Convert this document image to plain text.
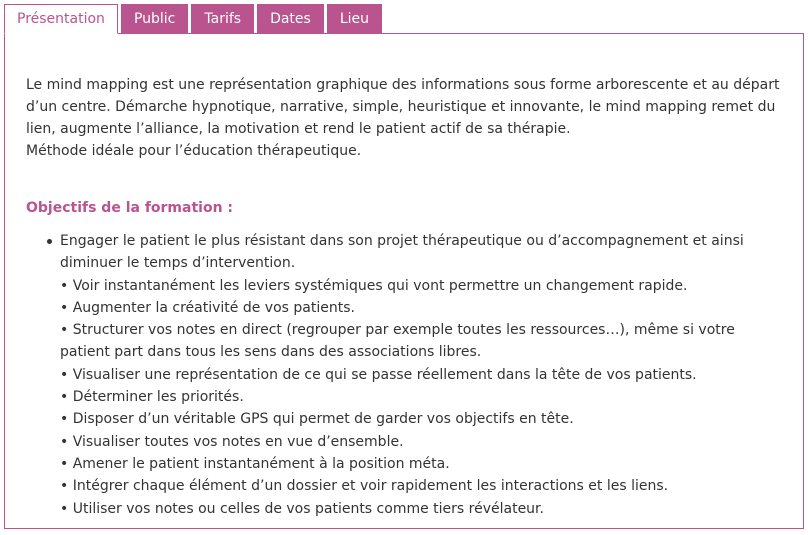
Présentation	Public	Tarifs	Dates	Lieu

Le mind mapping est une représentation graphique des informations sous forme arborescente et au départ d’un centre. Démarche hypnotique, narrative, simple, heuristique et innovante, le mind mapping remet du lien, augmente l’alliance, la motivation et rend le patient actif de sa thérapie.

Méthode idéale pour l’éducation thérapeutique.

Objectifs de la formation :
Engager le patient le plus résistant dans son projet thérapeutique ou d’accompagnement et ainsi diminuer le temps d’intervention.
• Voir instantanément les leviers systémiques qui vont permettre un changement rapide.
• Augmenter la créativité de vos patients.
• Structurer vos notes en direct (regrouper par exemple toutes les ressources…), même si votre patient part dans tous les sens dans des associations libres.
• Visualiser une représentation de ce qui se passe réellement dans la tête de vos patients.
• Déterminer les priorités.
• Disposer d’un véritable GPS qui permet de garder vos objectifs en tête.
• Visualiser toutes vos notes en vue d’ensemble.
• Amener le patient instantanément à la position méta.
• Intégrer chaque élément d’un dossier et voir rapidement les interactions et les liens.
• Utiliser vos notes ou celles de vos patients comme tiers révélateur.
